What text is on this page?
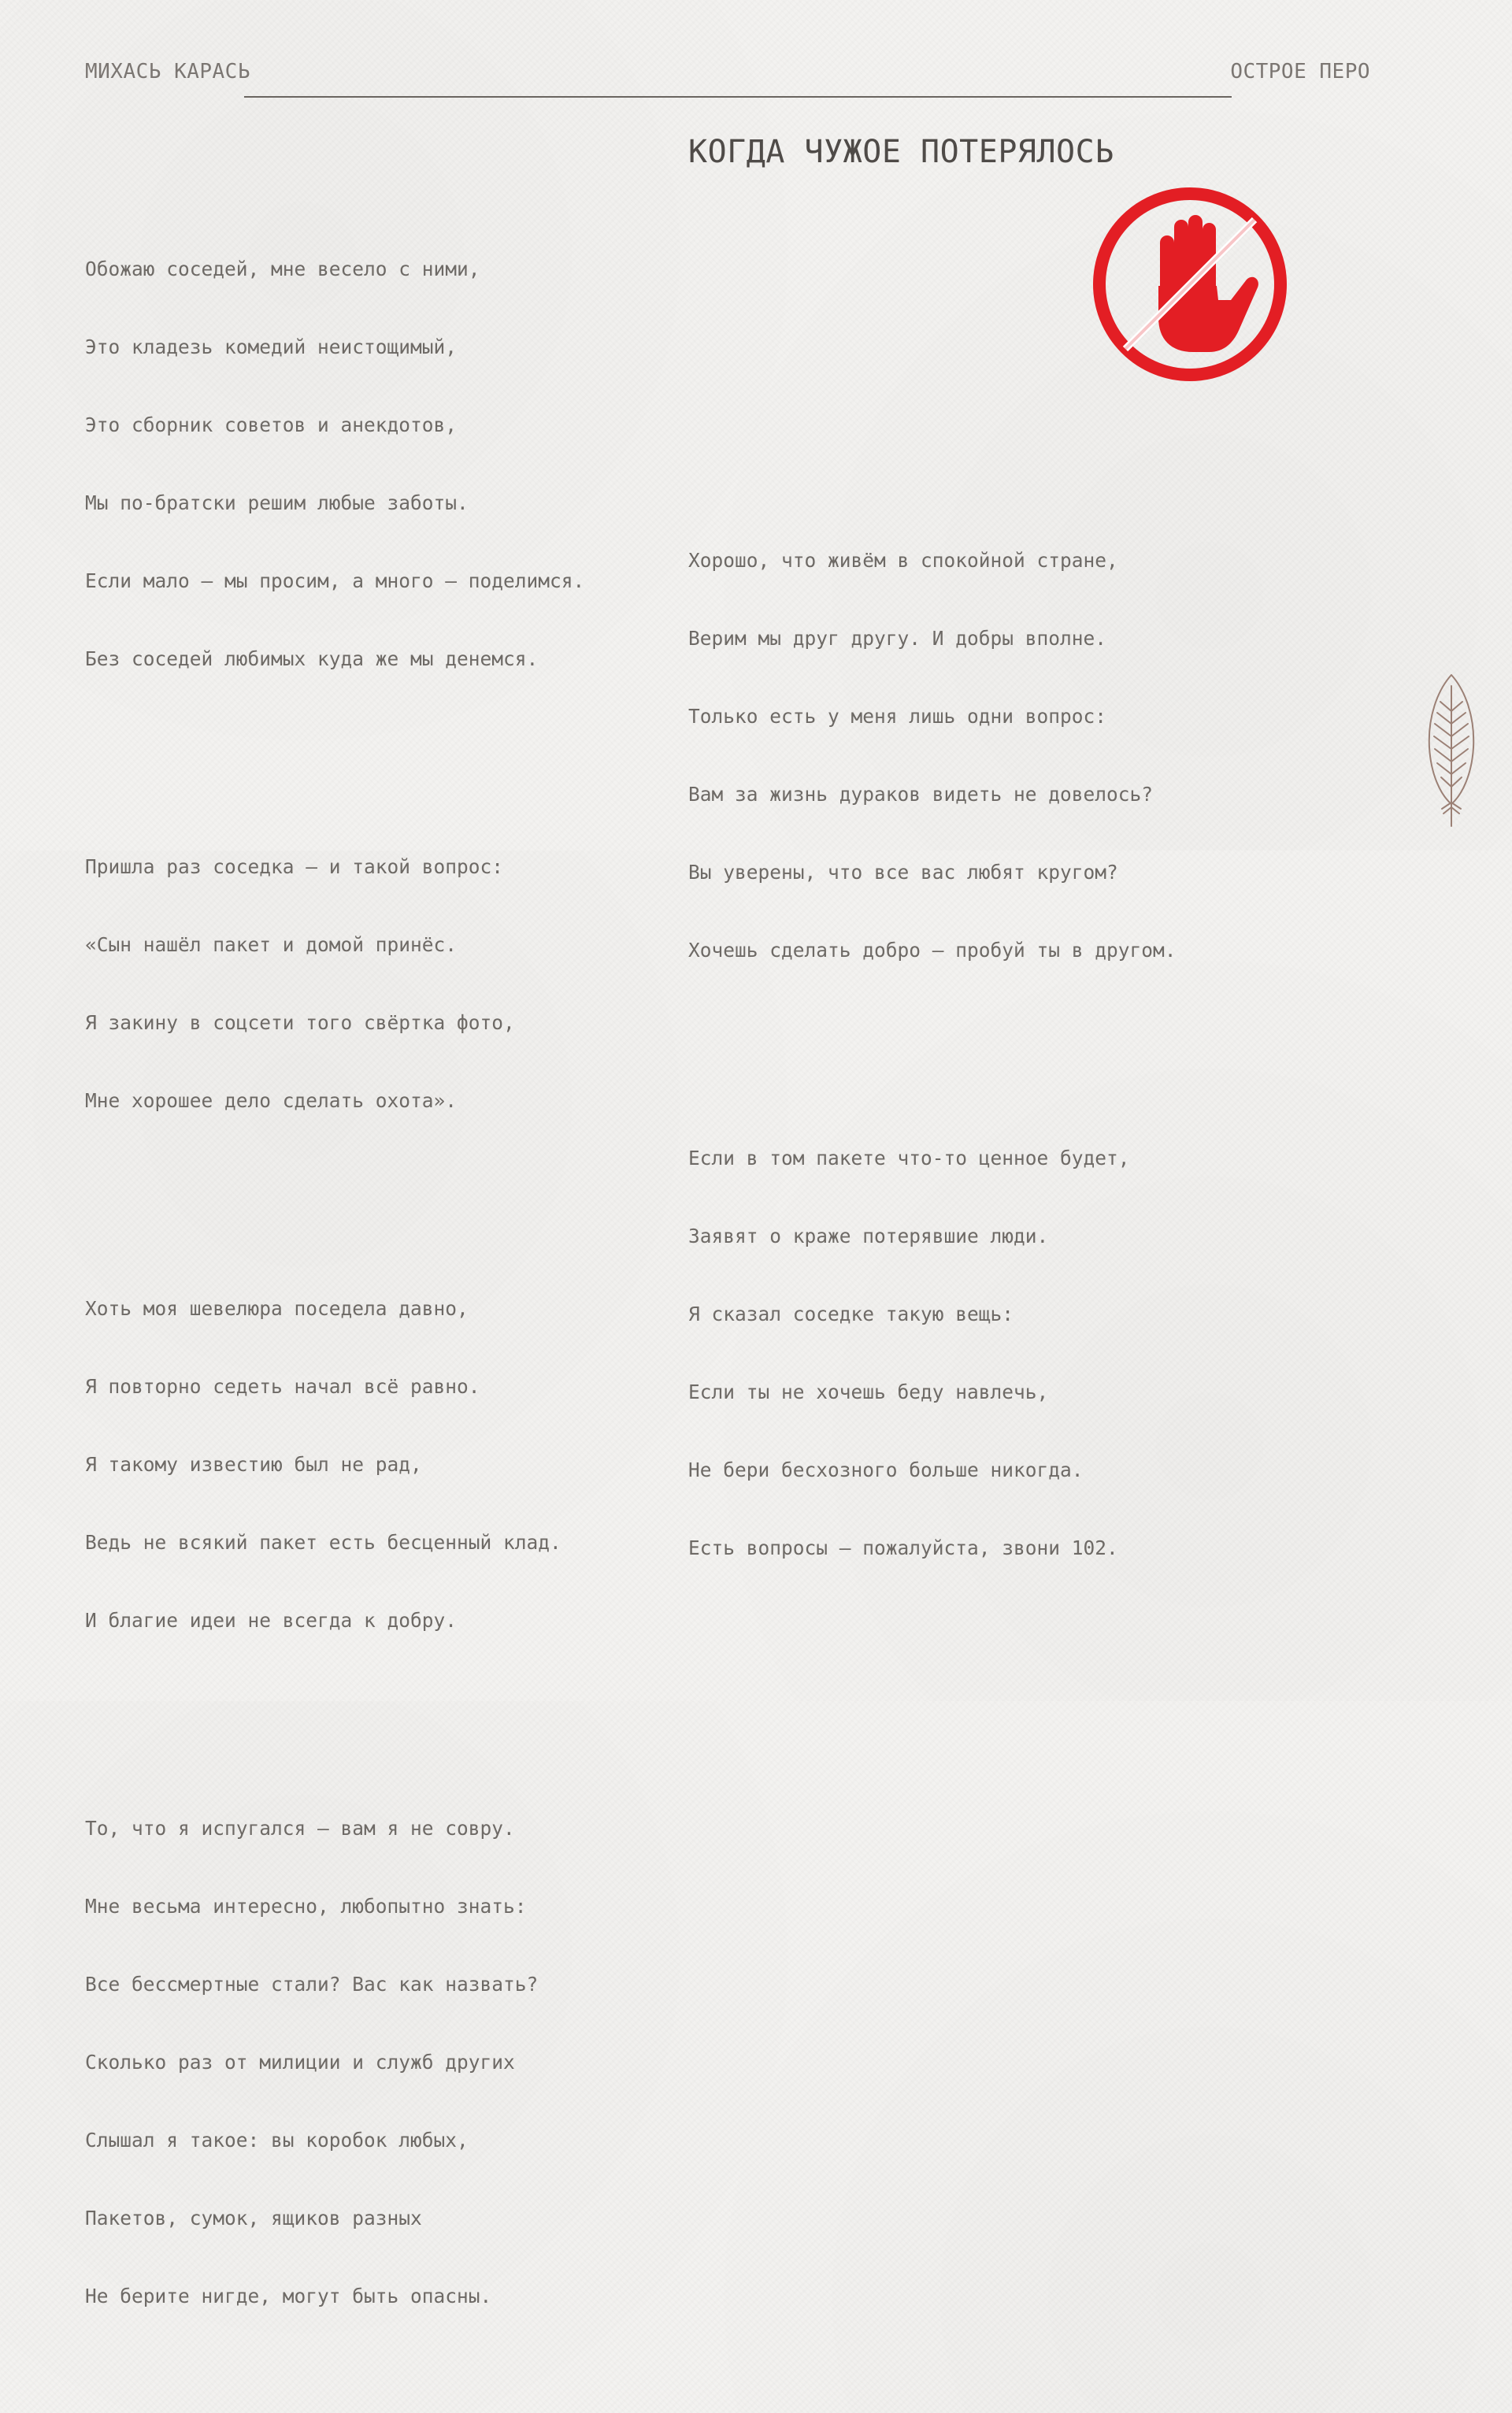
МИХАСЬ КАРАСЬ	ОСТРОЕ ПЕРО
КОГДА ЧУЖОЕ ПОТЕРЯЛОСЬ

Обожаю соседей, мне весело с ними,

Это кладезь комедий неистощимый,

Это сборник советов и анекдотов,

Мы по-братски решим любые заботы.

Если мало – мы просим, а много – поделимся.

Без соседей любимых куда же мы денемся.

Пришла раз соседка – и такой вопрос:

«Сын нашёл пакет и домой принёс.

Я закину в соцсети того свёртка фото,

Мне хорошее дело сделать охота».

Хоть моя шевелюра поседела давно,

Я повторно седеть начал всё равно.

Я такому известию был не рад,

Ведь не всякий пакет есть бесценный клад.

И благие идеи не всегда к добру.

То, что я испугался – вам я не совру.

Мне весьма интересно, любопытно знать:

Все бессмертные стали? Вас как назвать?

Сколько раз от милиции и служб других

Слышал я такое: вы коробок любых,

Пакетов, сумок, ящиков разных

Не берите нигде, могут быть опасны.

Хорошо, что живём в спокойной стране,

Верим мы друг другу. И добры вполне.

Только есть у меня лишь одни вопрос:

Вам за жизнь дураков видеть не довелось?

Вы уверены, что все вас любят кругом?

Хочешь сделать добро – пробуй ты в другом.

Если в том пакете что-то ценное будет,

Заявят о краже потерявшие люди.

Я сказал соседке такую вещь:

Если ты не хочешь беду навлечь,

Не бери бесхозного больше никогда.

Есть вопросы – пожалуйста, звони 102.
